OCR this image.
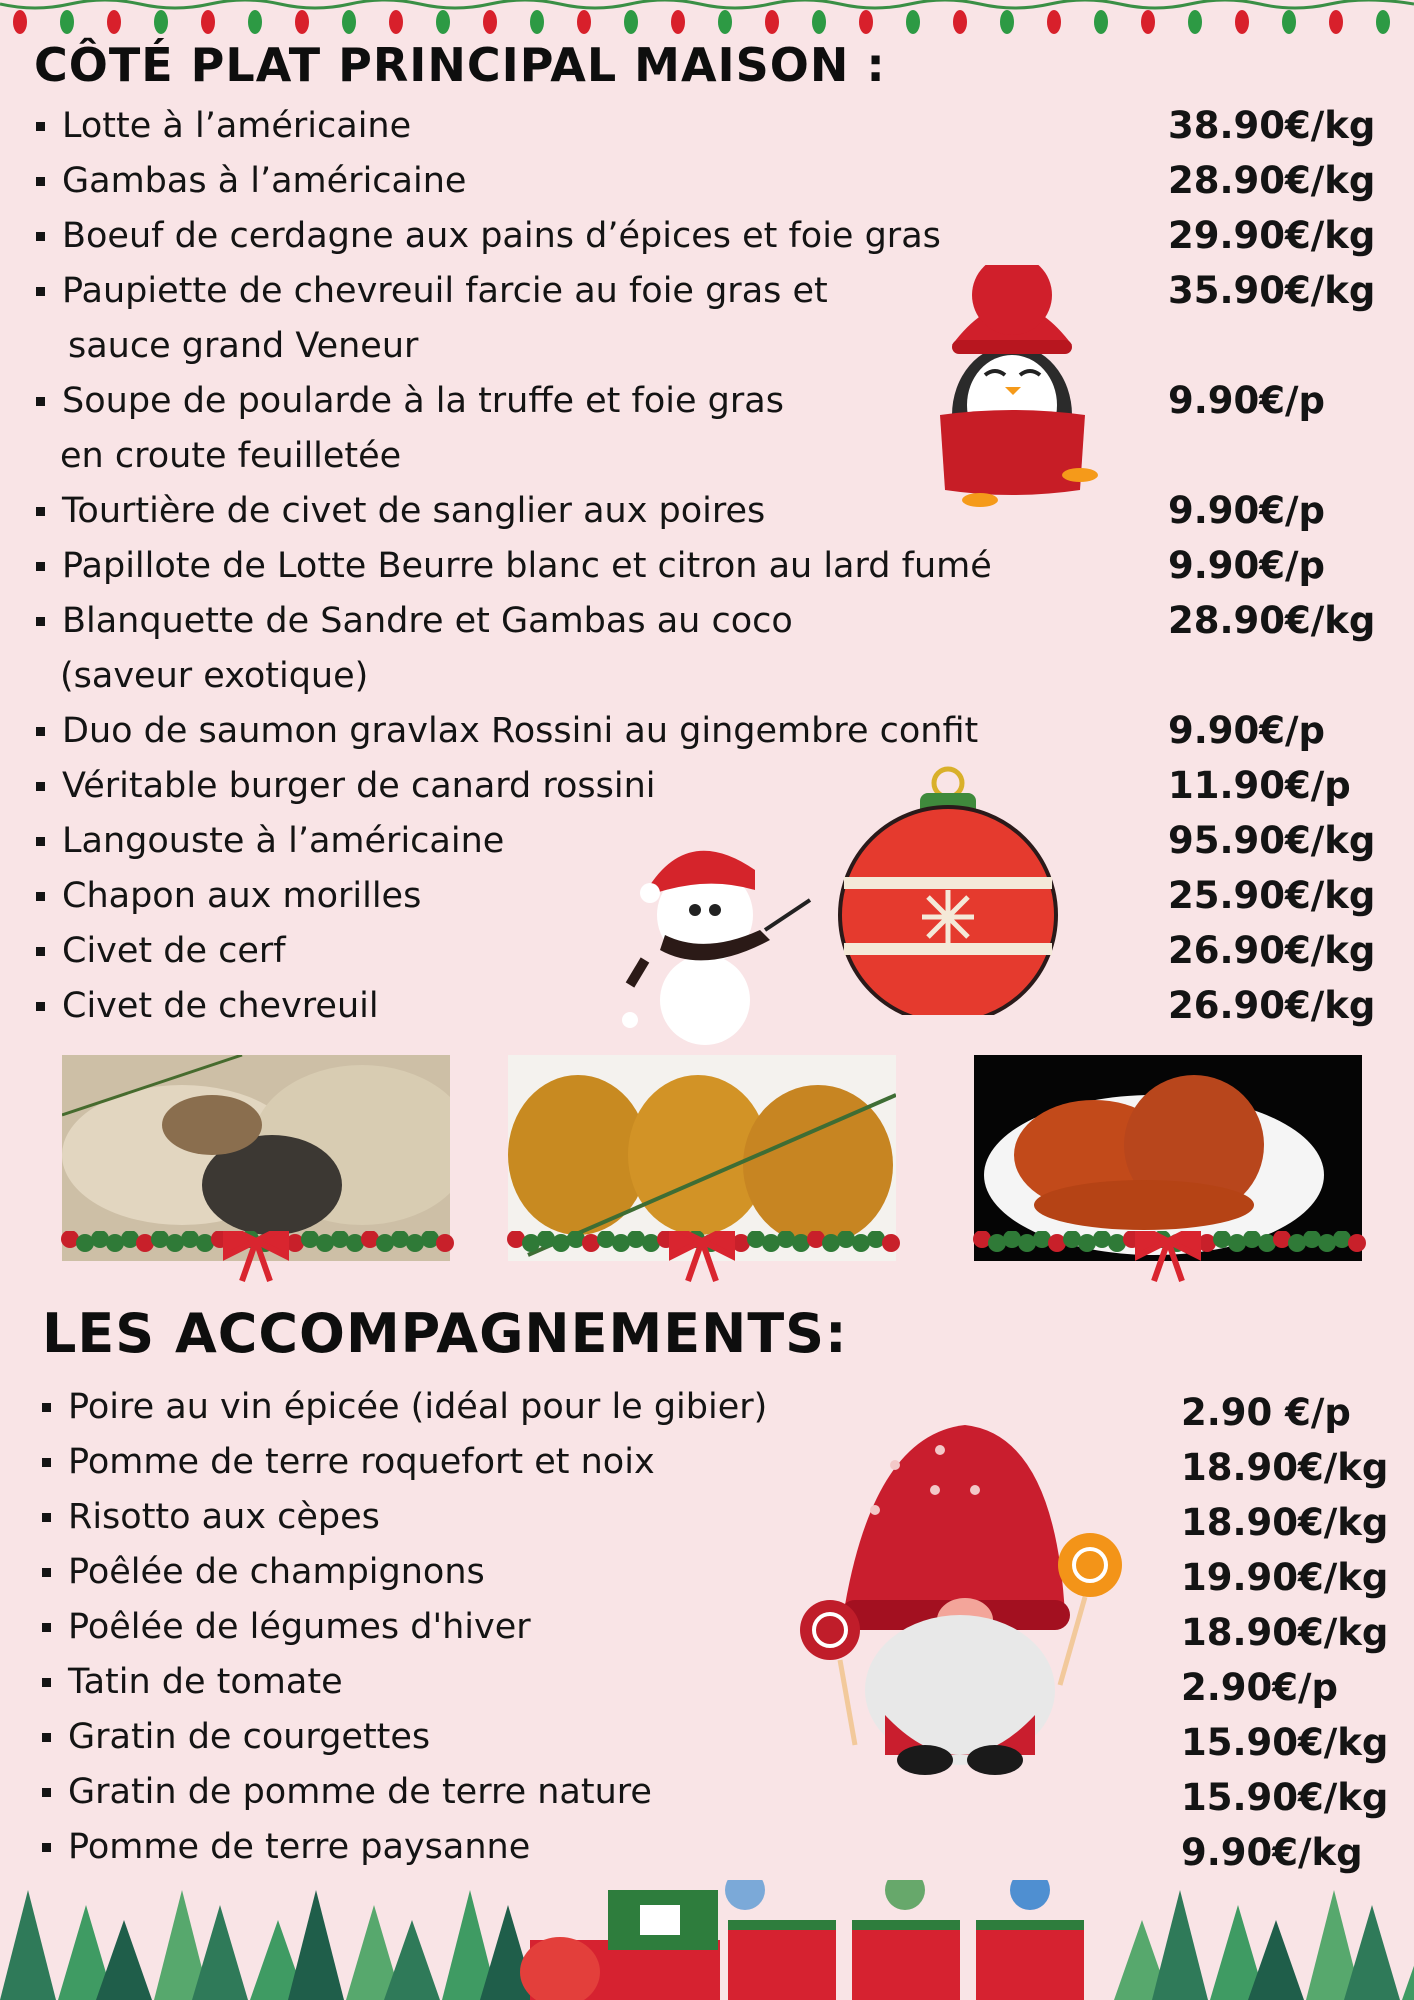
CÔTÉ PLAT PRINCIPAL MAISON :
Lotte à l’américaine	38.90€/kg
Gambas à l’américaine	28.90€/kg
Boeuf de cerdagne aux pains d’épices et foie gras	29.90€/kg
Paupiette de chevreuil farcie au foie gras et	35.90€/kg
sauce grand Veneur
Soupe de poularde à la truffe et foie gras	9.90€/p
en croute feuilletée
Tourtière de civet de sanglier aux poires	9.90€/p
Papillote de Lotte Beurre blanc et citron au lard fumé	9.90€/p
Blanquette de Sandre et Gambas au coco	28.90€/kg
(saveur exotique)
Duo de saumon gravlax Rossini au gingembre confit	9.90€/p
Véritable burger de canard rossini	11.90€/p
Langouste à l’américaine	95.90€/kg
Chapon aux morilles	25.90€/kg
Civet de cerf	26.90€/kg
Civet de chevreuil	26.90€/kg
LES ACCOMPAGNEMENTS:
Poire au vin épicée (idéal pour le gibier)	2.90 €/p
Pomme de terre roquefort et noix	18.90€/kg
Risotto aux cèpes	18.90€/kg
Poêlée de champignons	19.90€/kg
Poêlée de légumes d'hiver	18.90€/kg
Tatin de tomate	2.90€/p
Gratin de courgettes	15.90€/kg
Gratin de pomme de terre nature	15.90€/kg
Pomme de terre paysanne	9.90€/kg
